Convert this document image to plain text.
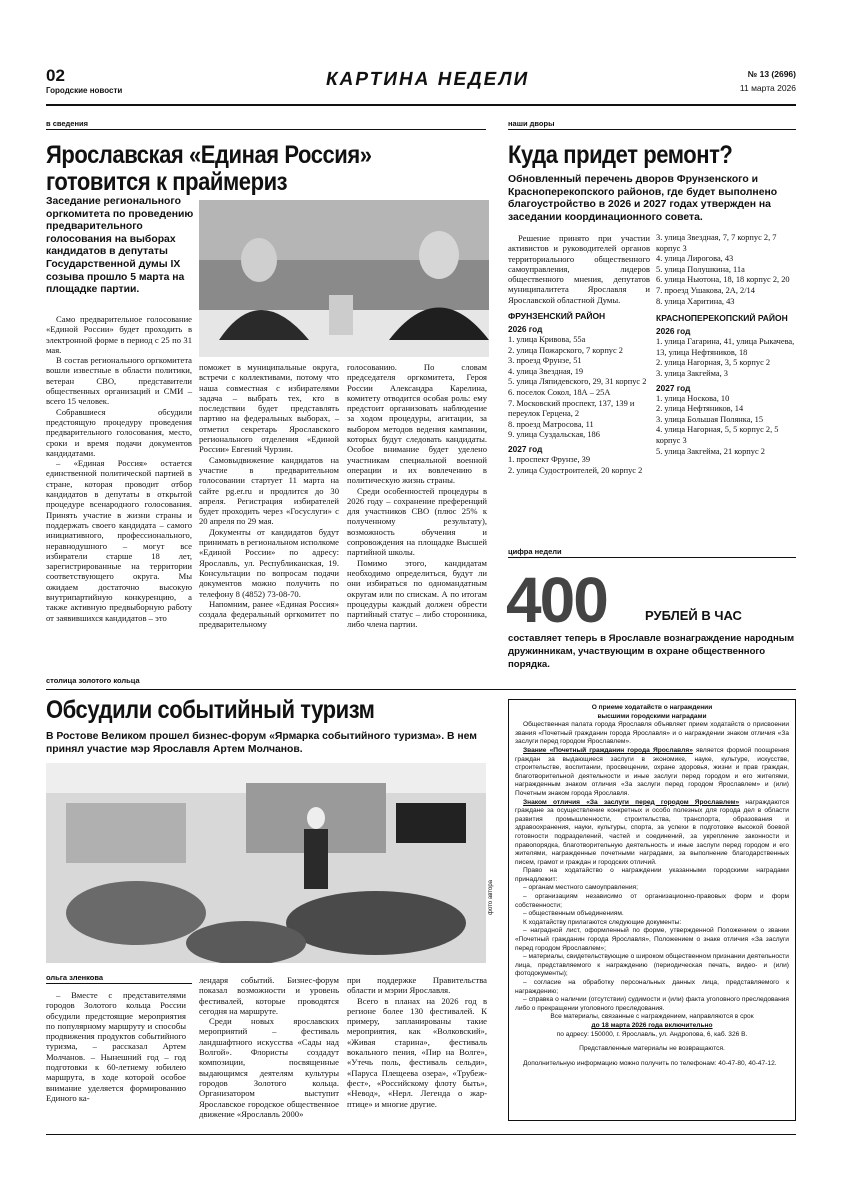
02
Городские новости
КАРТИНА НЕДЕЛИ	№ 13 (2696)
11 марта 2026
в сведения
Ярославская «Единая Россия»
готовится к праймериз
Заседание регионального оргкомитета по проведению предварительного голосования на выборах кандидатов в депутаты Государственной думы IX созыва прошло 5 марта на площадке партии.

Само предварительное голосование «Единой России» будет проходить в электронной форме в период с 25 по 31 мая.

В состав регионального оргкомитета вошли известные в области политики, ветеран СВО, представители общественных организаций и СМИ – всего 15 человек.

Собравшиеся обсудили предстоящую процедуру проведения предварительного голосования, место, сроки и время подачи документов кандидатами.

– «Единая Россия» остается единственной политической партией в стране, которая проводит отбор кандидатов в депутаты в открытой процедуре всенародного голосования. Принять участие в жизни страны и поддержать своего кандидата – самого инициативного, профессионального, неравнодушного – могут все избиратели старше 18 лет, зарегистрированные на территории соответствующего округа. Мы ожидаем достаточно высокую внутрипартийную конкуренцию, а также активную предвыборную работу от заявившихся кандидатов – это

поможет в муниципальные округа, встречи с коллективами, потому что наша совместная с избирателями задача – выбрать тех, кто в последствии будет представлять партию на федеральных выборах, – отметил секретарь Ярославского регионального отделения «Единой России» Евгений Чурзин.

Самовыдвижение кандидатов на участие в предварительном голосовании стартует 11 марта на сайте pg.er.ru и продлится до 30 апреля. Регистрация избирателей будет проходить через «Госуслуги» с 20 апреля по 29 мая.

Документы от кандидатов будут принимать в региональном исполкоме «Единой России» по адресу: Ярославль, ул. Республиканская, 19. Консультации по вопросам подачи документов можно получить по телефону 8 (4852) 73-08-70.

Напомним, ранее «Единая Россия» создала федеральный оргкомитет по предварительному

голосованию. По словам председателя оргкомитета, Героя России Александра Карелина, комитету отводится особая роль: ему предстоит организовать наблюдение за ходом процедуры, агитации, за выбором методов ведения кампании, которых будут следовать кандидаты. Особое внимание будет уделено участникам специальной военной операции и их вовлечению в политическую жизнь страны.

Среди особенностей процедуры в 2026 году – сохранение преференций для участников СВО (плюс 25% к полученному результату), возможность обучения и сопровождения на площадке Высшей партийной школы.

Помимо этого, кандидатам необходимо определиться, будут ли они избираться по одномандатным округам или по спискам. А по итогам процедуры каждый должен обрести партийный статус – либо сторонника, либо члена партии.

наши дворы
Куда придет ремонт?
Обновленный перечень дворов Фрунзенского и Красноперекопского районов, где будет выполнено благоустройство в 2026 и 2027 годах утвержден на заседании координационного совета.

Решение принято при участии активистов и руководителей органов территориального общественного самоуправления, лидеров общественного мнения, депутатов муниципалитета Ярославля и Ярославской областной Думы.

ФРУНЗЕНСКИЙ РАЙОН
2026 год
1. улица Кривова, 55а
2. улица Пожарского, 7 корпус 2
3. проезд Фрунзе, 51
4. улица Звездная, 19
5. улица Ляпидевского, 29, 31 корпус 2
6. поселок Сокол, 18А – 25А
7. Московский проспект, 137, 139 и переулок Герцена, 2
8. проезд Матросова, 11
9. улица Суздальская, 186
2027 год
1. проспект Фрунзе, 39
2. улица Судостроителей, 20 корпус 2
3. улица Звездная, 7, 7 корпус 2, 7 корпус 3
4. улица Лирогова, 43
5. улица Полушкина, 11а
6. улица Ньютона, 18, 18 корпус 2, 20
7. проезд Ушакова, 2А, 2/14
8. улица Харитина, 43
КРАСНОПЕРЕКОПСКИЙ РАЙОН
2026 год
1. улица Гагарина, 41, улица Рыкачева, 13, улица Нефтяников, 18
2. улица Нагорная, 3, 5 корпус 2
3. улица Закгейма, 3
2027 год
1. улица Носкова, 10
2. улица Нефтяников, 14
3. улица Большая Полянка, 15
4. улица Нагорная, 5, 5 корпус 2, 5 корпус 3
5. улица Закгейма, 21 корпус 2
цифра недели
400	РУБЛЕЙ В ЧАС
составляет теперь в Ярославле вознаграждение народным дружинникам, участвующим в охране общественного порядка.
столица золотого кольца
Обсудили событийный туризм
В Ростове Великом прошел бизнес-форум «Ярмарка событийного туризма». В нем принял участие мэр Ярославля Артем Молчанов.
фото автора
ольга зленкова

– Вместе с представителями городов Золотого кольца России обсудили предстоящие мероприятия по популярному маршруту и способы продвижения продуктов событийного туризма, – рассказал Артем Молчанов. – Нынешний год – год подготовки к 60-летнему юбилею маршрута, в ходе которой особое внимание уделяется формированию Единого ка-

лендаря событий. Бизнес-форум показал возможности и уровень фестивалей, которые проводятся сегодня на маршруте.

Среди новых ярославских мероприятий – фестиваль ландшафтного искусства «Сады над Волгой». Флористы создадут композиции, посвященные выдающимся деятелям культуры городов Золотого кольца. Организатором выступит Ярославское городское общественное движение «Ярославль 2000»

при поддержке Правительства области и мэрии Ярославля.

Всего в планах на 2026 год в регионе более 130 фестивалей. К примеру, запланированы такие мероприятия, как «Волковский», «Живая старина», фестиваль вокального пения, «Пир на Волге», «Утечь поль, фестиваль сельди», «Паруса Плещеева озера», «Трубеж-фест», «Российскому флоту быть», «Невод», «Нерл. Легенда о жар-птице» и многие другие.

О приеме ходатайств о награждении
высшими городскими наградами

Общественная палата города Ярославля объявляет прием ходатайств о присвоении звания «Почетный гражданин города Ярославля» и о награждении знаком отличия «За заслуги перед городом Ярославлем».

Звание «Почетный гражданин города Ярославля» является формой поощрения граждан за выдающиеся заслуги в экономике, науке, культуре, искусстве, строительстве, воспитании, просвещении, охране здоровья, жизни и прав граждан, благотворительной деятельности и иные заслуги перед городом и его жителями, награжденным знаком отличия «За заслуги перед городом Ярославлем» и (или) Почетным знаком города Ярославля.

Знаком отличия «За заслуги перед городом Ярославлем» награждаются граждане за осуществление конкретных и особо полезных для города дел в области развития промышленности, строительства, транспорта, образования и здравоохранения, науки, культуры, спорта, за успехи в подготовке высокой боевой готовности подразделений, частей и соединений, за укрепление законности и правопорядка, благотворительную деятельность и иные заслуги перед городом и его жителями, награжденные почетными наградами, за выполнение благодарственных писем, грамот и граждан и городских отличий.

Право на ходатайство о награждении указанными городскими наградами принадлежит:

– органам местного самоуправления;

– организациям независимо от организационно-правовых форм и форм собственности;

– общественным объединениям.

К ходатайству прилагаются следующие документы:

– наградной лист, оформленный по форме, утвержденной Положением о звании «Почетный гражданин города Ярославля», Положением о знаке отличия «За заслуги перед городом Ярославлем»;

– материалы, свидетельствующие о широком общественном признании деятельности лица, представляемого к награждению (периодическая печать, видео- и (или) фотодокументы);

– согласие на обработку персональных данных лица, представляемого к награждению;

– справка о наличии (отсутствии) судимости и (или) факта уголовного преследования либо о прекращении уголовного преследования.

Все материалы, связанные с награждением, направляются в срок

до 18 марта 2026 года включительно

по адресу: 150000, г. Ярославль, ул. Андропова, 6, каб. 326 В.

Представленные материалы не возвращаются.

Дополнительную информацию можно получить по телефонам: 40-47-80, 40-47-12.
